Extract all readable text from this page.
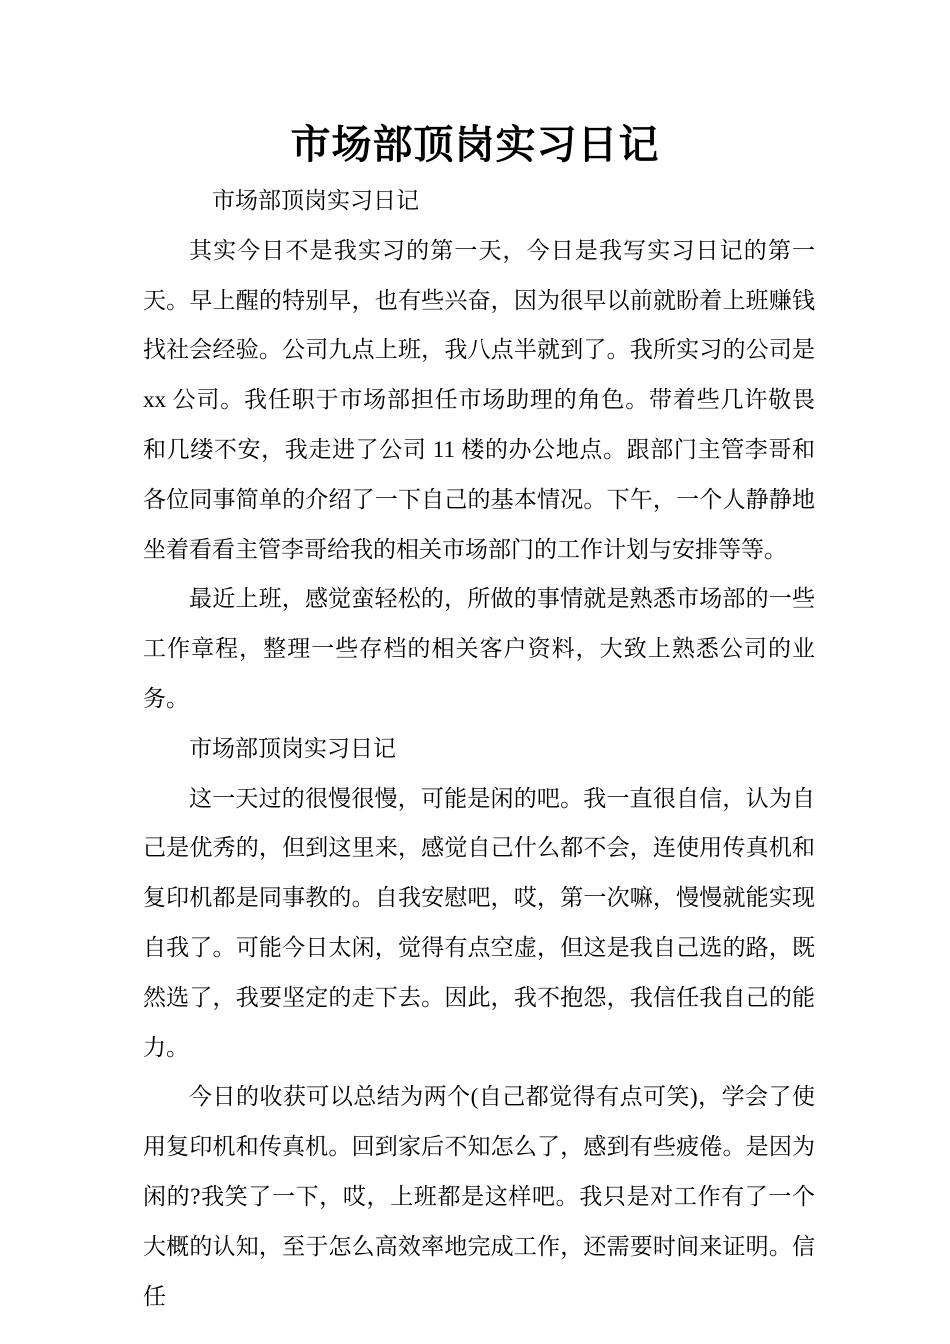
市场部顶岗实习日记

市场部顶岗实习日记

其实今日不是我实习的第一天，今日是我写实习日记的第一天。早上醒的特别早，也有些兴奋，因为很早以前就盼着上班赚钱找社会经验。公司九点上班，我八点半就到了。我所实习的公司是 xx 公司。我任职于市场部担任市场助理的角色。带着些几许敬畏和几缕不安，我走进了公司 11 楼的办公地点。跟部门主管李哥和各位同事简单的介绍了一下自己的基本情况。下午，一个人静静地坐着看看主管李哥给我的相关市场部门的工作计划与安排等等。

最近上班，感觉蛮轻松的，所做的事情就是熟悉市场部的一些工作章程，整理一些存档的相关客户资料，大致上熟悉公司的业务。

市场部顶岗实习日记

这一天过的很慢很慢，可能是闲的吧。我一直很自信，认为自己是优秀的，但到这里来，感觉自己什么都不会，连使用传真机和复印机都是同事教的。自我安慰吧，哎，第一次嘛，慢慢就能实现自我了。可能今日太闲，觉得有点空虚，但这是我自己选的路，既然选了，我要坚定的走下去。因此，我不抱怨，我信任我自己的能力。

今日的收获可以总结为两个(自己都觉得有点可笑)，学会了使用复印机和传真机。回到家后不知怎么了，感到有些疲倦。是因为闲的?我笑了一下，哎，上班都是这样吧。我只是对工作有了一个大概的认知，至于怎么高效率地完成工作，还需要时间来证明。信任
